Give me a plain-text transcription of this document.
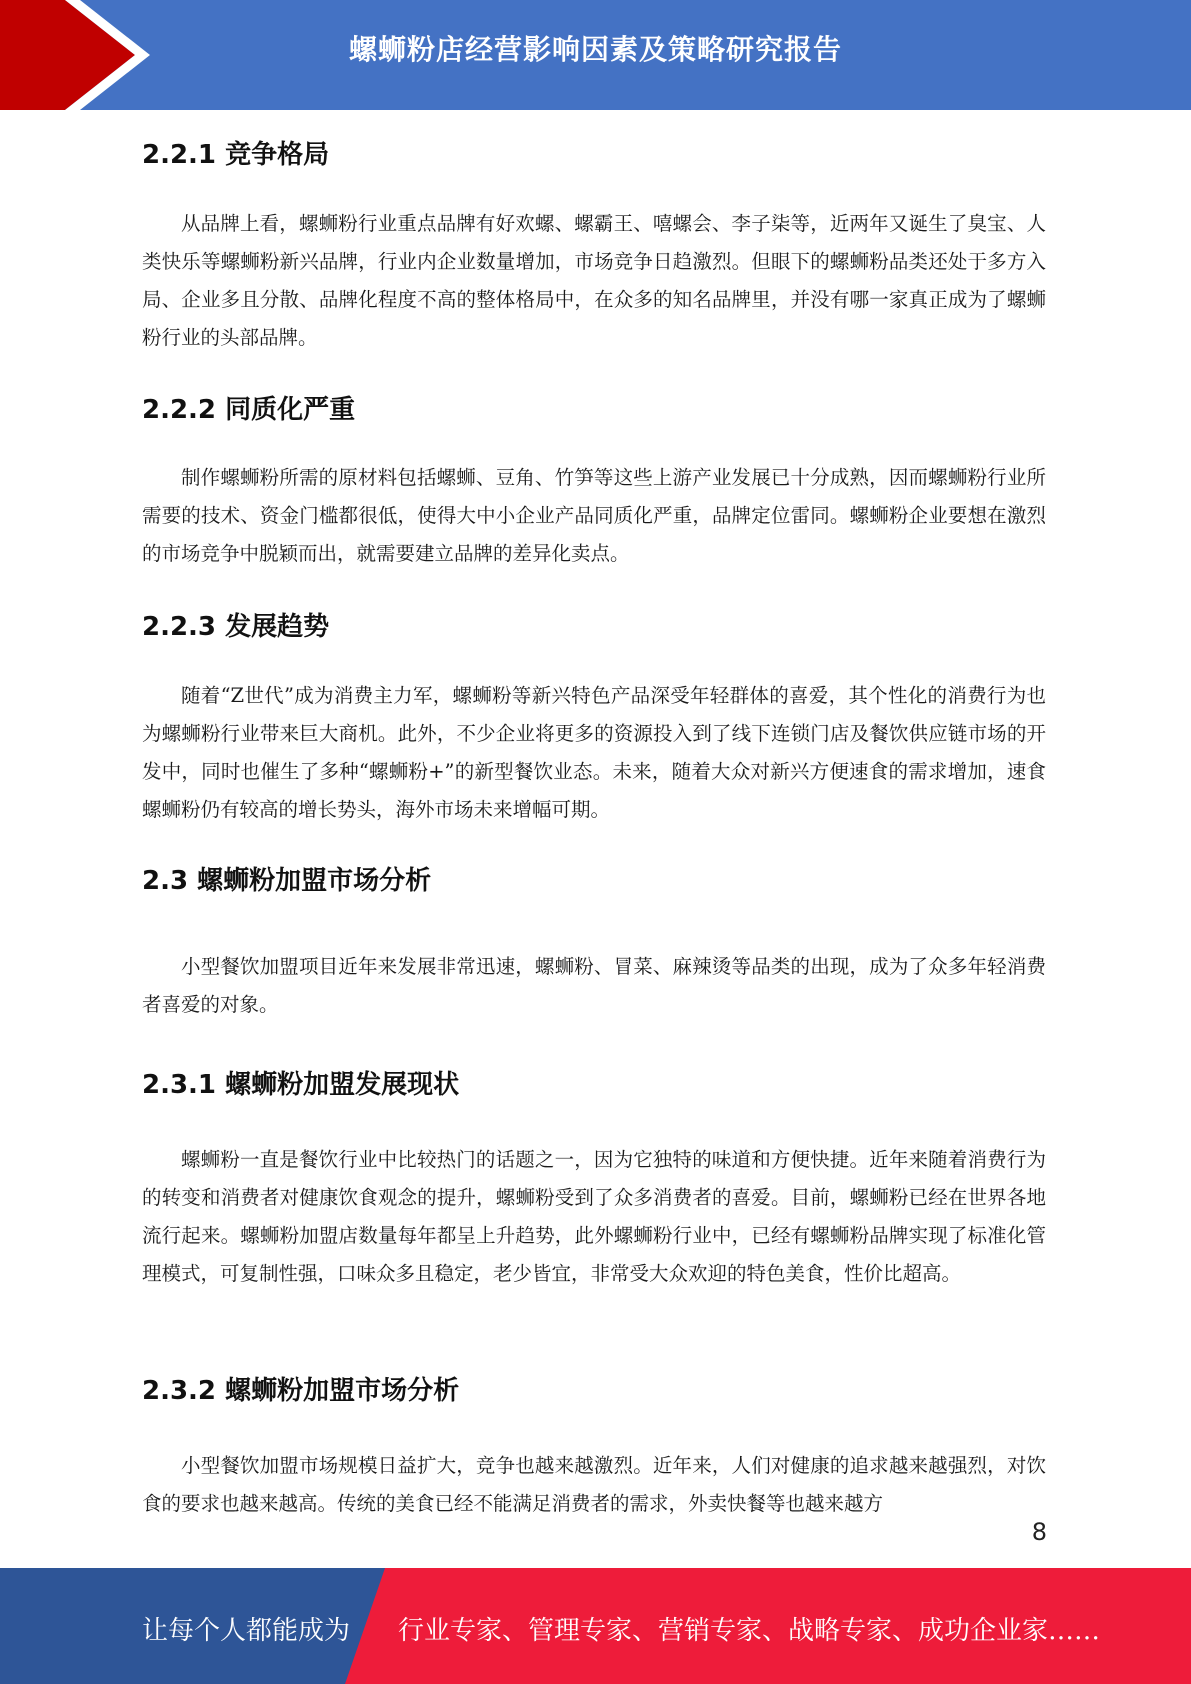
螺蛳粉店经营影响因素及策略研究报告
2.2.1 竞争格局

从品牌上看，螺蛳粉行业重点品牌有好欢螺、螺霸王、嘻螺会、李子柒等，近两年又诞生了臭宝、人类快乐等螺蛳粉新兴品牌，行业内企业数量增加，市场竞争日趋激烈。但眼下的螺蛳粉品类还处于多方入局、企业多且分散、品牌化程度不高的整体格局中，在众多的知名品牌里，并没有哪一家真正成为了螺蛳粉行业的头部品牌。

2.2.2 同质化严重

制作螺蛳粉所需的原材料包括螺蛳、豆角、竹笋等这些上游产业发展已十分成熟，因而螺蛳粉行业所需要的技术、资金门槛都很低，使得大中小企业产品同质化严重，品牌定位雷同。螺蛳粉企业要想在激烈的市场竞争中脱颖而出，就需要建立品牌的差异化卖点。

2.2.3 发展趋势

随着“Z世代”成为消费主力军，螺蛳粉等新兴特色产品深受年轻群体的喜爱，其个性化的消费行为也为螺蛳粉行业带来巨大商机。此外，不少企业将更多的资源投入到了线下连锁门店及餐饮供应链市场的开发中，同时也催生了多种“螺蛳粉+”的新型餐饮业态。未来，随着大众对新兴方便速食的需求增加，速食螺蛳粉仍有较高的增长势头，海外市场未来增幅可期。

2.3 螺蛳粉加盟市场分析

小型餐饮加盟项目近年来发展非常迅速，螺蛳粉、冒菜、麻辣烫等品类的出现，成为了众多年轻消费者喜爱的对象。

2.3.1 螺蛳粉加盟发展现状

螺蛳粉一直是餐饮行业中比较热门的话题之一，因为它独特的味道和方便快捷。近年来随着消费行为的转变和消费者对健康饮食观念的提升，螺蛳粉受到了众多消费者的喜爱。目前，螺蛳粉已经在世界各地流行起来。螺蛳粉加盟店数量每年都呈上升趋势，此外螺蛳粉行业中，已经有螺蛳粉品牌实现了标准化管理模式，可复制性强，口味众多且稳定，老少皆宜，非常受大众欢迎的特色美食，性价比超高。

2.3.2 螺蛳粉加盟市场分析

小型餐饮加盟市场规模日益扩大，竞争也越来越激烈。近年来，人们对健康的追求越来越强烈，对饮食的要求也越来越高。传统的美食已经不能满足消费者的需求，外卖快餐等也越来越方

8
让每个人都能成为 行业专家、管理专家、营销专家、战略专家、成功企业家……
